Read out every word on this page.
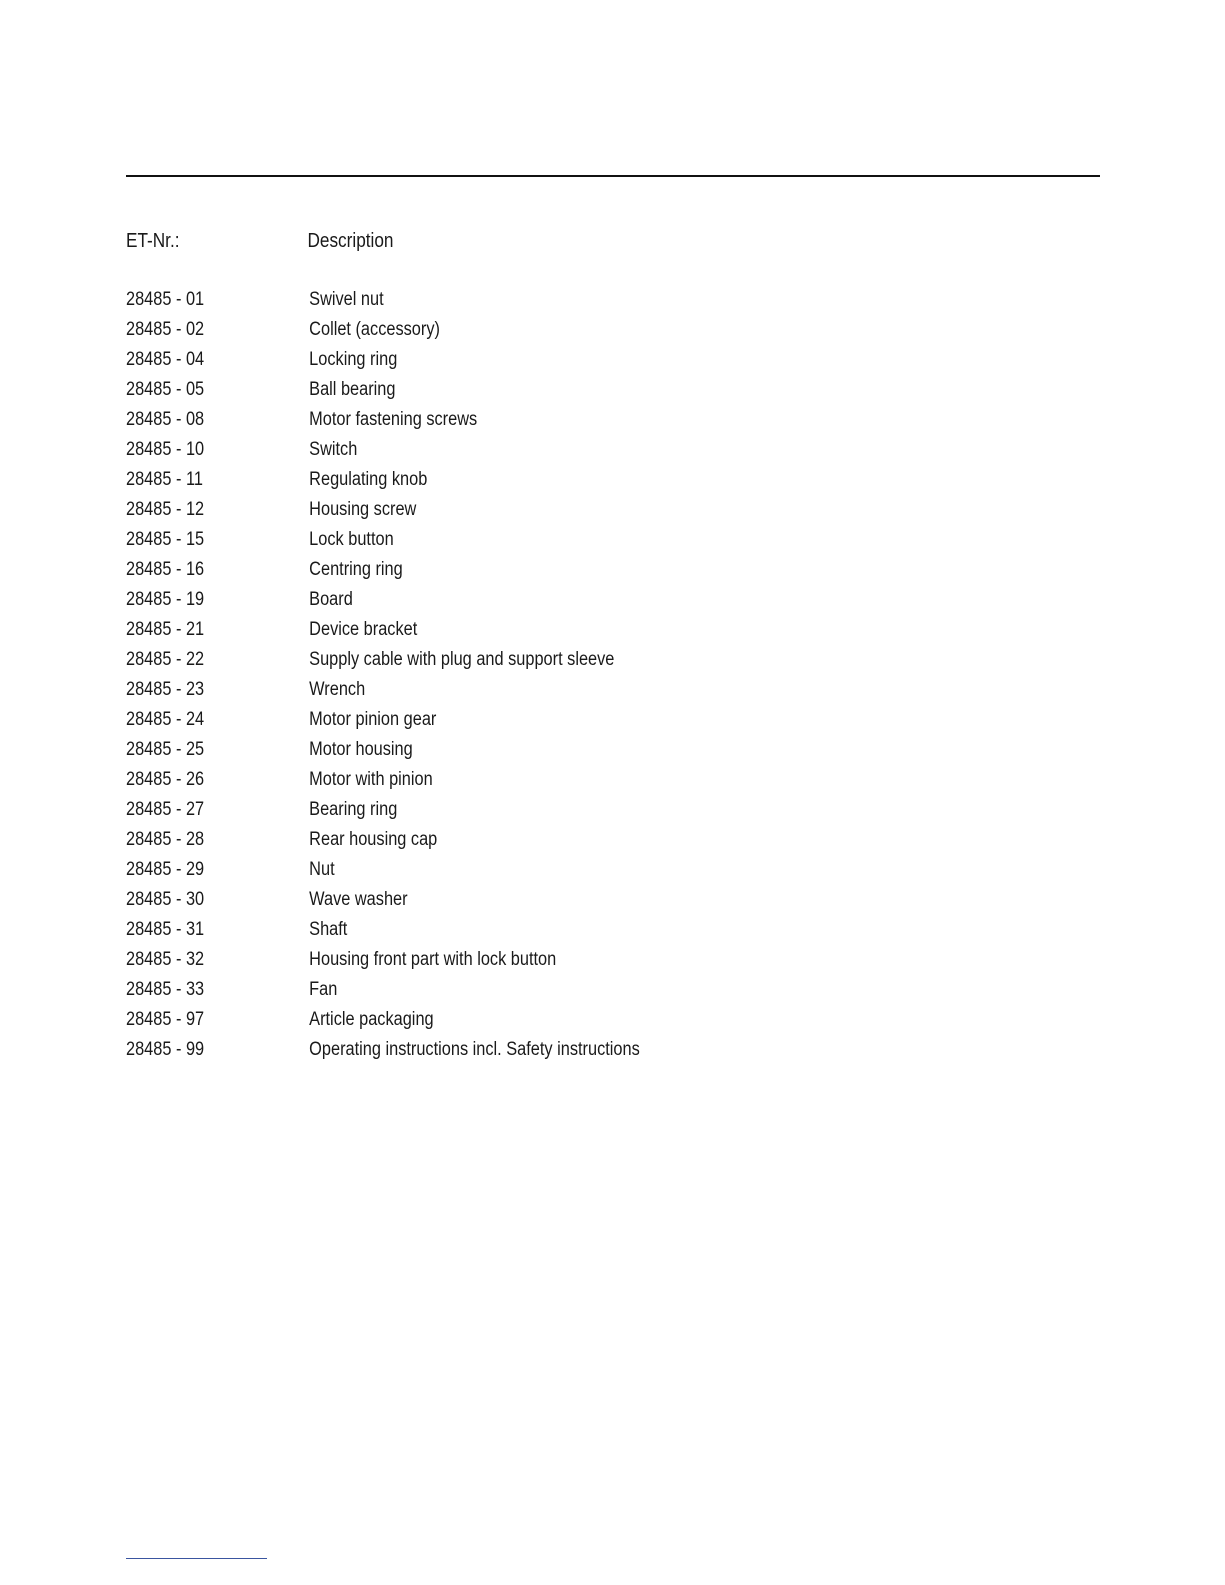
ET-Nr.:	Description
28485 - 01	Swivel nut
28485 - 02	Collet (accessory)
28485 - 04	Locking ring
28485 - 05	Ball bearing
28485 - 08	Motor fastening screws
28485 - 10	Switch
28485 - 11	Regulating knob
28485 - 12	Housing screw
28485 - 15	Lock button
28485 - 16	Centring ring
28485 - 19	Board
28485 - 21	Device bracket
28485 - 22	Supply cable with plug and support sleeve
28485 - 23	Wrench
28485 - 24	Motor pinion gear
28485 - 25	Motor housing
28485 - 26	Motor with pinion
28485 - 27	Bearing ring
28485 - 28	Rear housing cap
28485 - 29	Nut
28485 - 30	Wave washer
28485 - 31	Shaft
28485 - 32	Housing front part with lock button
28485 - 33	Fan
28485 - 97	Article packaging
28485 - 99	Operating instructions incl. Safety instructions
